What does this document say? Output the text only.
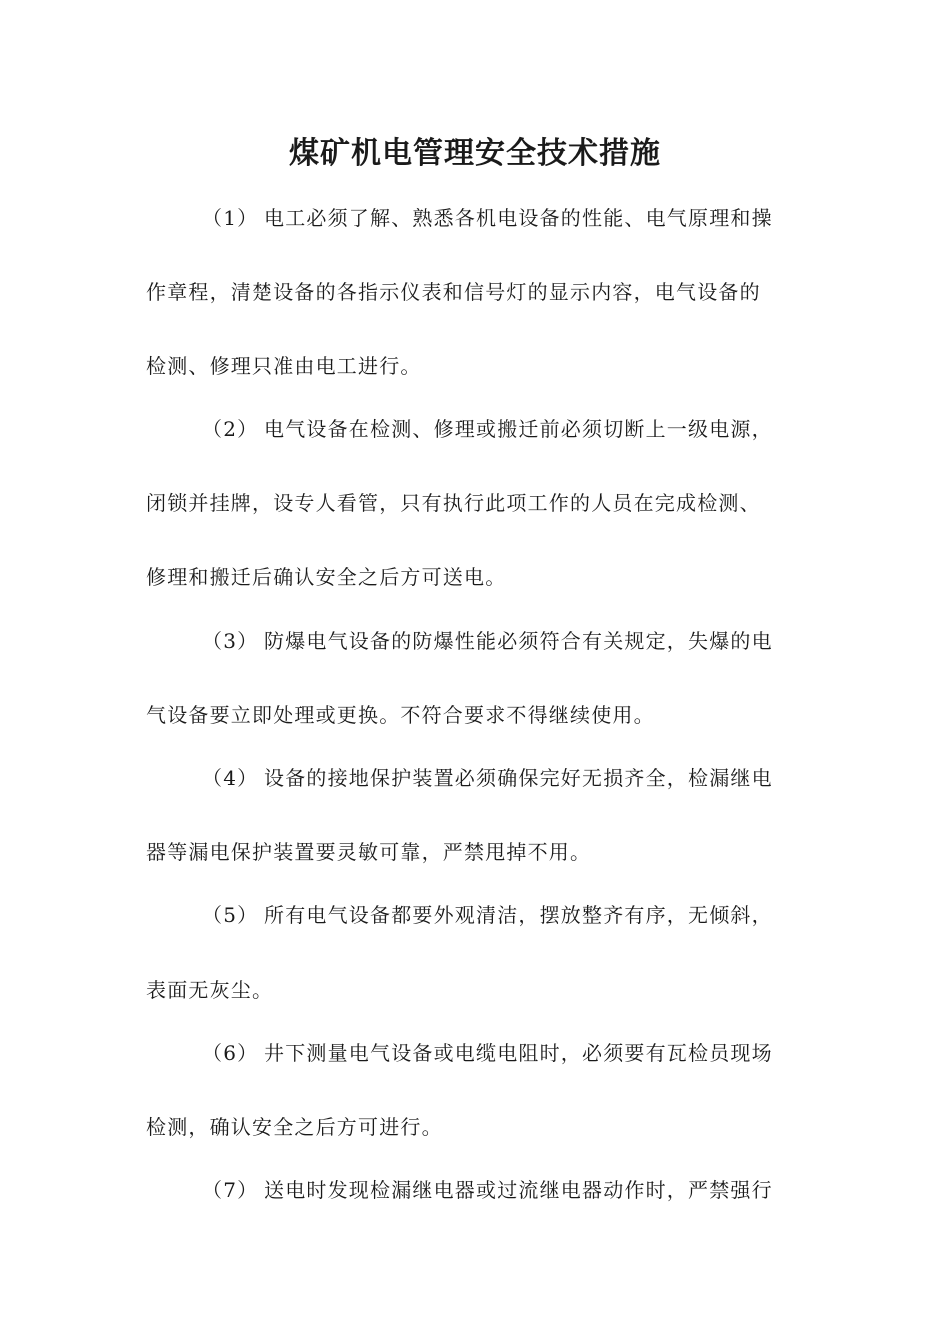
煤矿机电管理安全技术措施
（1） 电工必须了解、熟悉各机电设备的性能、电气原理和操
作章程，清楚设备的各指示仪表和信号灯的显示内容，电气设备的
检测、修理只准由电工进行。
（2） 电气设备在检测、修理或搬迁前必须切断上一级电源，
闭锁并挂牌，设专人看管，只有执行此项工作的人员在完成检测、
修理和搬迁后确认安全之后方可送电。
（3） 防爆电气设备的防爆性能必须符合有关规定，失爆的电
气设备要立即处理或更换。不符合要求不得继续使用。
（4） 设备的接地保护装置必须确保完好无损齐全，检漏继电
器等漏电保护装置要灵敏可靠，严禁甩掉不用。
（5） 所有电气设备都要外观清洁，摆放整齐有序，无倾斜，
表面无灰尘。
（6） 井下测量电气设备或电缆电阻时，必须要有瓦检员现场
检测，确认安全之后方可进行。
（7） 送电时发现检漏继电器或过流继电器动作时，严禁强行
